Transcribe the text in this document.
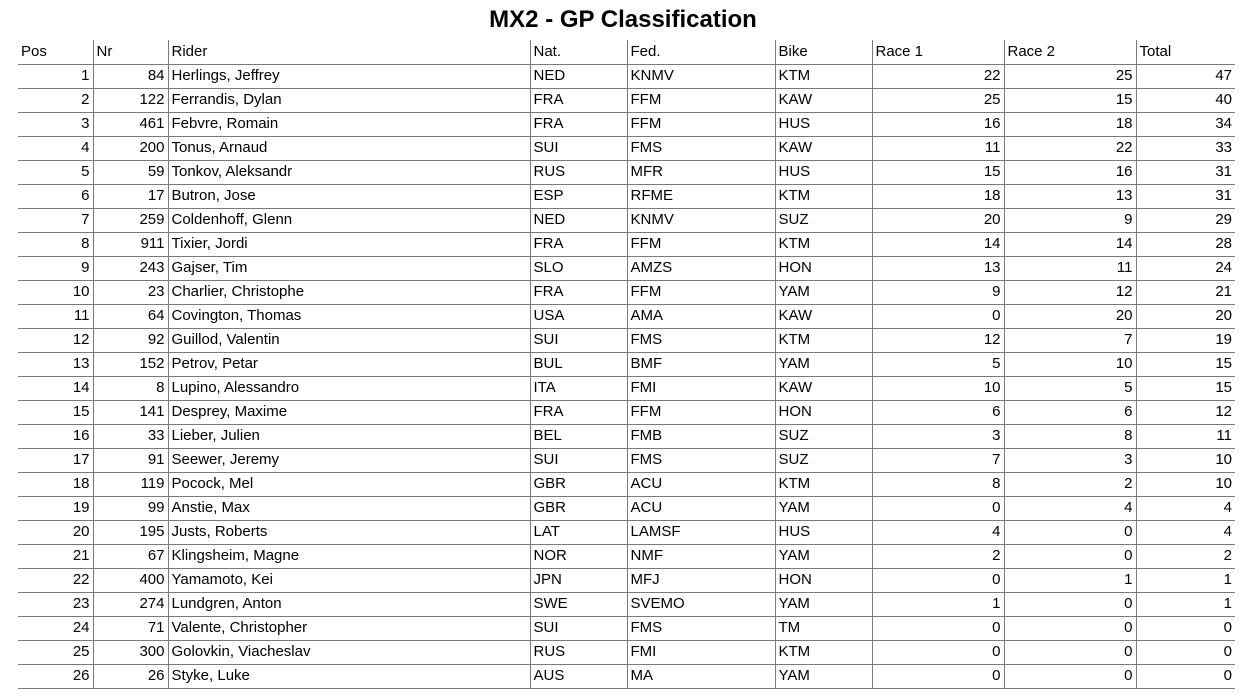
MX2 - GP Classification
Pos	Nr	Rider	Nat.	Fed.	Bike	Race 1	Race 2	Total
1	84	Herlings, Jeffrey	NED	KNMV	KTM	22	25	47
2	122	Ferrandis, Dylan	FRA	FFM	KAW	25	15	40
3	461	Febvre, Romain	FRA	FFM	HUS	16	18	34
4	200	Tonus, Arnaud	SUI	FMS	KAW	11	22	33
5	59	Tonkov, Aleksandr	RUS	MFR	HUS	15	16	31
6	17	Butron, Jose	ESP	RFME	KTM	18	13	31
7	259	Coldenhoff, Glenn	NED	KNMV	SUZ	20	9	29
8	911	Tixier, Jordi	FRA	FFM	KTM	14	14	28
9	243	Gajser, Tim	SLO	AMZS	HON	13	11	24
10	23	Charlier, Christophe	FRA	FFM	YAM	9	12	21
11	64	Covington, Thomas	USA	AMA	KAW	0	20	20
12	92	Guillod, Valentin	SUI	FMS	KTM	12	7	19
13	152	Petrov, Petar	BUL	BMF	YAM	5	10	15
14	8	Lupino, Alessandro	ITA	FMI	KAW	10	5	15
15	141	Desprey, Maxime	FRA	FFM	HON	6	6	12
16	33	Lieber, Julien	BEL	FMB	SUZ	3	8	11
17	91	Seewer, Jeremy	SUI	FMS	SUZ	7	3	10
18	119	Pocock, Mel	GBR	ACU	KTM	8	2	10
19	99	Anstie, Max	GBR	ACU	YAM	0	4	4
20	195	Justs, Roberts	LAT	LAMSF	HUS	4	0	4
21	67	Klingsheim, Magne	NOR	NMF	YAM	2	0	2
22	400	Yamamoto, Kei	JPN	MFJ	HON	0	1	1
23	274	Lundgren, Anton	SWE	SVEMO	YAM	1	0	1
24	71	Valente, Christopher	SUI	FMS	TM	0	0	0
25	300	Golovkin, Viacheslav	RUS	FMI	KTM	0	0	0
26	26	Styke, Luke	AUS	MA	YAM	0	0	0
